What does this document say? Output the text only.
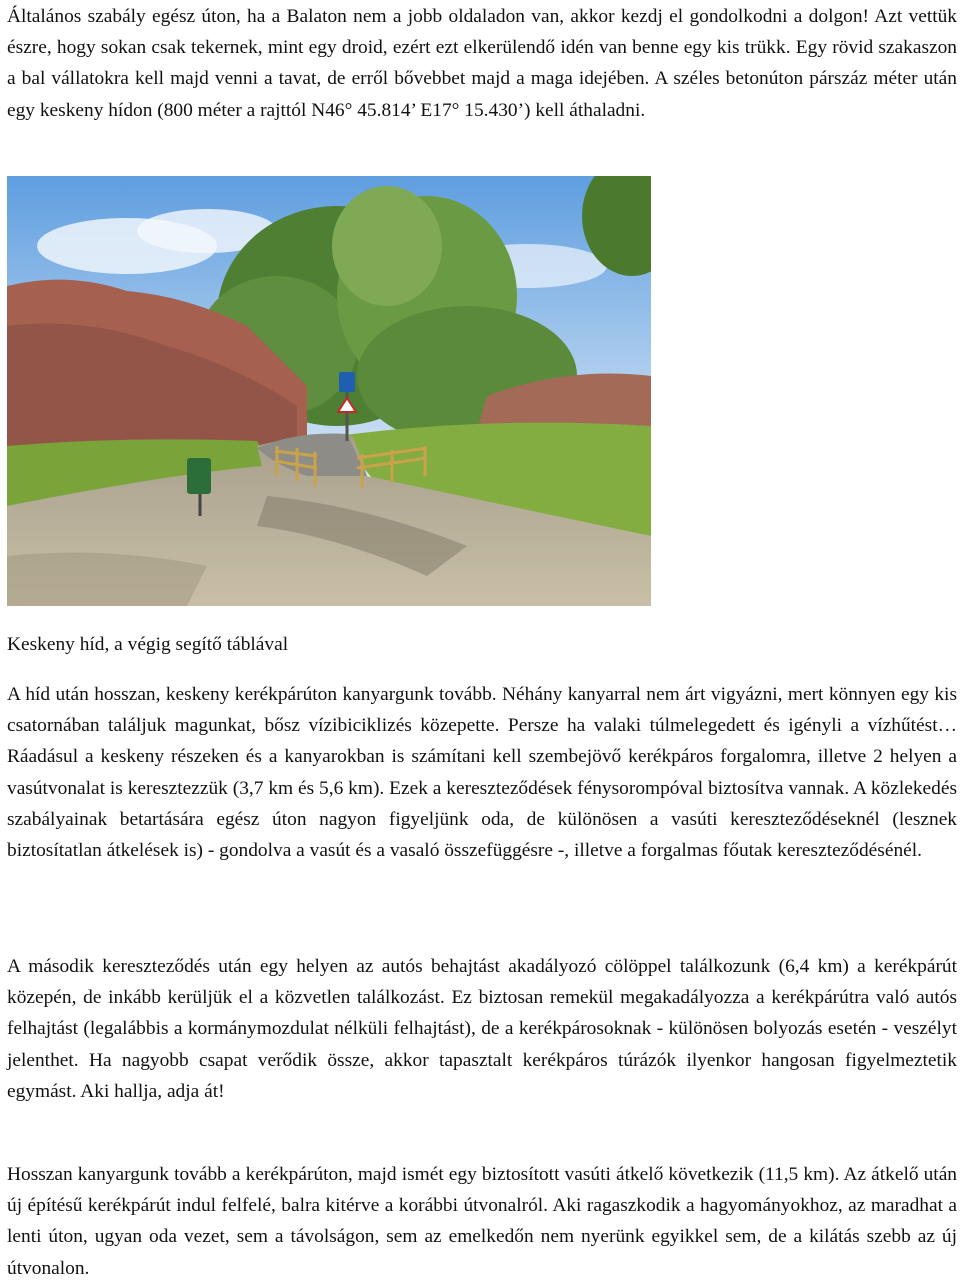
Általános szabály egész úton, ha a Balaton nem a jobb oldaladon van, akkor kezdj el gondolkodni a dolgon! Azt vettük észre, hogy sokan csak tekernek, mint egy droid, ezért ezt elkerülendő idén van benne egy kis trükk. Egy rövid szakaszon a bal vállatokra kell majd venni a tavat, de erről bővebbet majd a maga idejében. A széles betonúton párszáz méter után egy keskeny hídon (800 méter a rajttól N46° 45.814’ E17° 15.430’) kell áthaladni.

Keskeny híd, a végig segítő táblával

A híd után hosszan, keskeny kerékpárúton kanyargunk tovább. Néhány kanyarral nem árt vigyázni, mert könnyen egy kis csatornában találjuk magunkat, bősz vízibiciklizés közepette. Persze ha valaki túlmelegedett és igényli a vízhűtést… Ráadásul a keskeny részeken és a kanyarokban is számítani kell szembejövő kerékpáros forgalomra, illetve 2 helyen a vasútvonalat is keresztezzük (3,7 km és 5,6 km). Ezek a kereszteződések fénysorompóval biztosítva vannak. A közlekedés szabályainak betartására egész úton nagyon figyeljünk oda, de különösen a vasúti kereszteződéseknél (lesznek biztosítatlan átkelések is) - gondolva a vasút és a vasaló összefüggésre -, illetve a forgalmas főutak kereszteződésénél.

A második kereszteződés után egy helyen az autós behajtást akadályozó cölöppel találkozunk (6,4 km) a kerékpárút közepén, de inkább kerüljük el a közvetlen találkozást. Ez biztosan remekül megakadályozza a kerékpárútra való autós felhajtást (legalábbis a kormánymozdulat nélküli felhajtást), de a kerékpárosoknak - különösen bolyozás esetén - veszélyt jelenthet. Ha nagyobb csapat verődik össze, akkor tapasztalt kerékpáros túrázók ilyenkor hangosan figyelmeztetik egymást. Aki hallja, adja át!

Hosszan kanyargunk tovább a kerékpárúton, majd ismét egy biztosított vasúti átkelő következik (11,5 km). Az átkelő után új építésű kerékpárút indul felfelé, balra kitérve a korábbi útvonalról. Aki ragaszkodik a hagyományokhoz, az maradhat a lenti úton, ugyan oda vezet, sem a távolságon, sem az emelkedőn nem nyerünk egyikkel sem, de a kilátás szebb az új útvonalon.
